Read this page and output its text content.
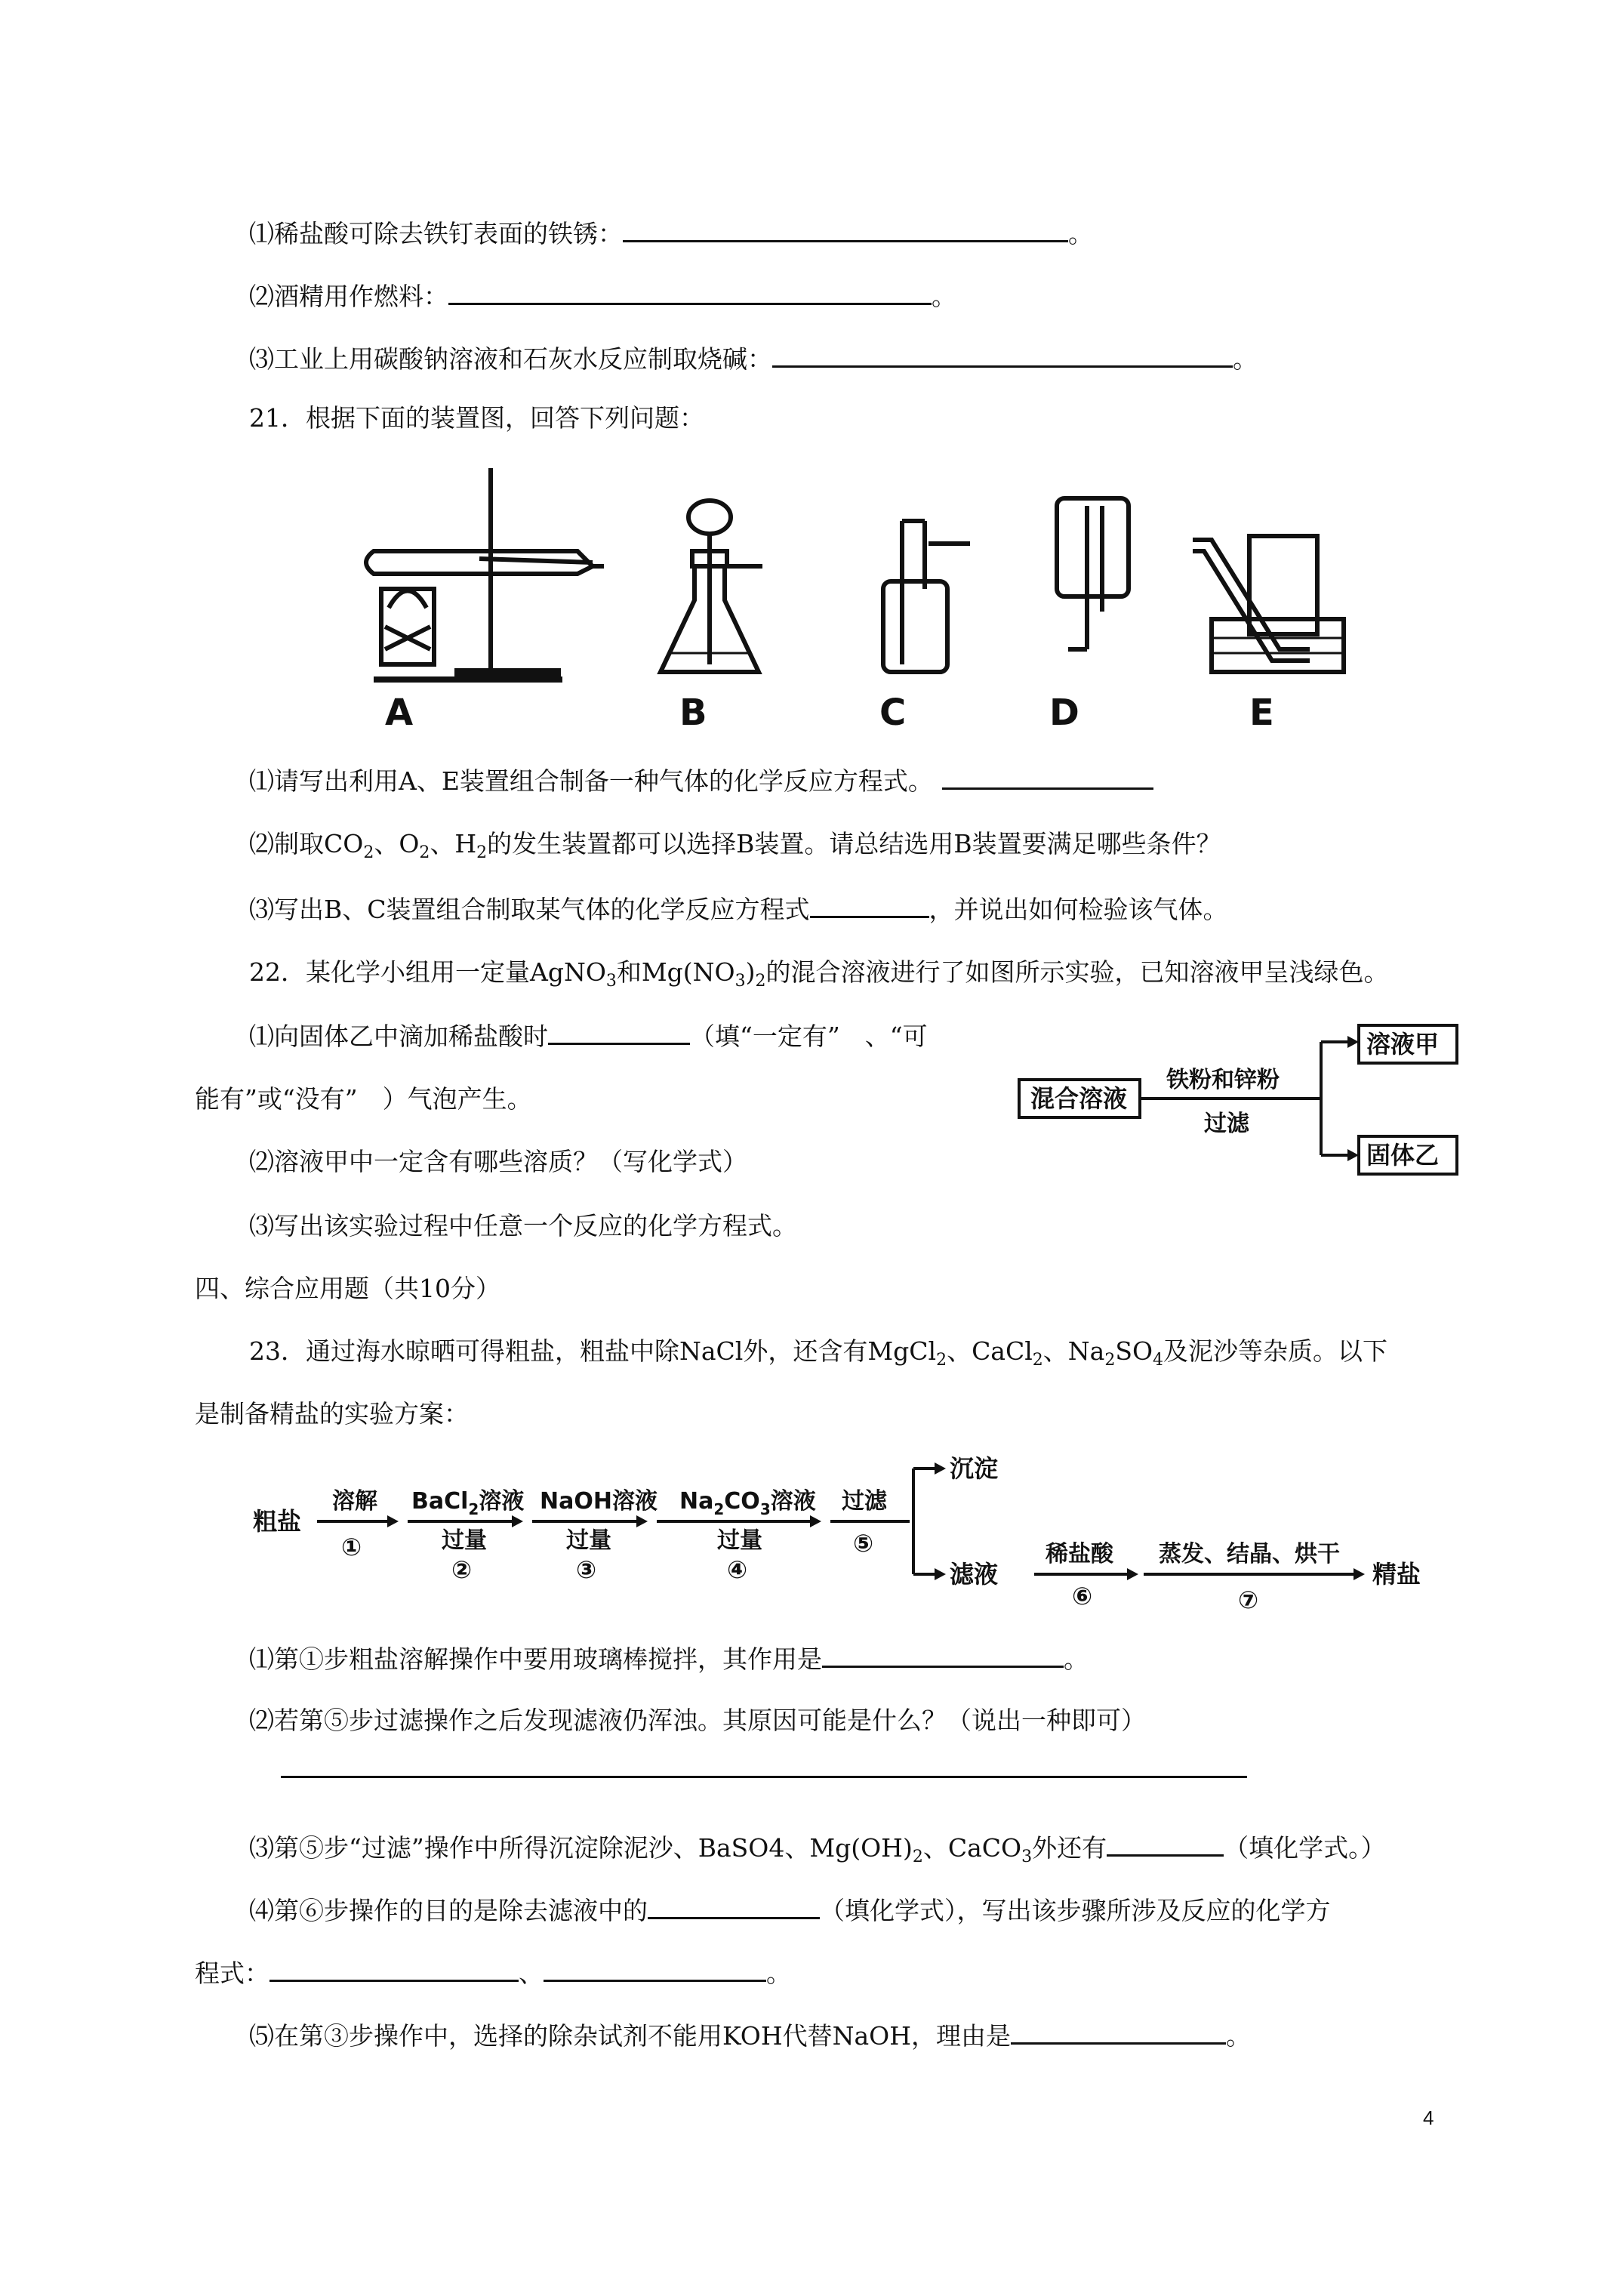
⑴稀盐酸可除去铁钉表面的铁锈：	。
⑵酒精用作燃料：	。
⑶工业上用碳酸钠溶液和石灰水反应制取烧碱：	。
21．根据下面的装置图，回答下列问题：
A	B	C	D	E
⑴请写出利用A、E装置组合制备一种气体的化学反应方程式。
⑵制取$CO_2$、$O_2$、$H_2$的发生装置都可以选择B装置。请总结选用B装置要满足哪些条件？
⑶写出B、C装置组合制取某气体的化学反应方程式	，并说出如何检验该气体。
22．某化学小组用一定量AgNO$_3$和$Mg(NO_3)_2$的混合溶液进行了如图所示实验，已知溶液甲呈浅绿色。
⑴向固体乙中滴加稀盐酸时	（填“一定有”　、“可
能有”或“没有”　）气泡产生。
⑵溶液甲中一定含有哪些溶质？（写化学式）
⑶写出该实验过程中任意一个反应的化学方程式。
混合溶液
铁粉和锌粉
过滤
溶液甲
固体乙
四、综合应用题（共10分）
23．通过海水晾晒可得粗盐，粗盐中除NaCl外，还含有MgCl$_2$、CaCl$_2$、$Na_2SO_4$及泥沙等杂质。以下
是制备精盐的实验方案：
粗盐
溶解
①
BaCl$_2$溶液
过量
②
NaOH溶液
过量
③
$Na_2CO_3$溶液
过量
④
过滤
⑤
沉淀
滤液
稀盐酸
⑥
蒸发、结晶、烘干
⑦
精盐
⑴第①步粗盐溶解操作中要用玻璃棒搅拌，其作用是	。
⑵若第⑤步过滤操作之后发现滤液仍浑浊。其原因可能是什么？（说出一种即可）
⑶第⑤步“过滤”操作中所得沉淀除泥沙、BaSO4、$Mg(OH)_2$、CaCO$_3$外还有	（填化学式。）
⑷第⑥步操作的目的是除去滤液中的	（填化学式），写出该步骤所涉及反应的化学方
程式：	、	。
⑸在第③步操作中，选择的除杂试剂不能用KOH代替NaOH，理由是	。
4
